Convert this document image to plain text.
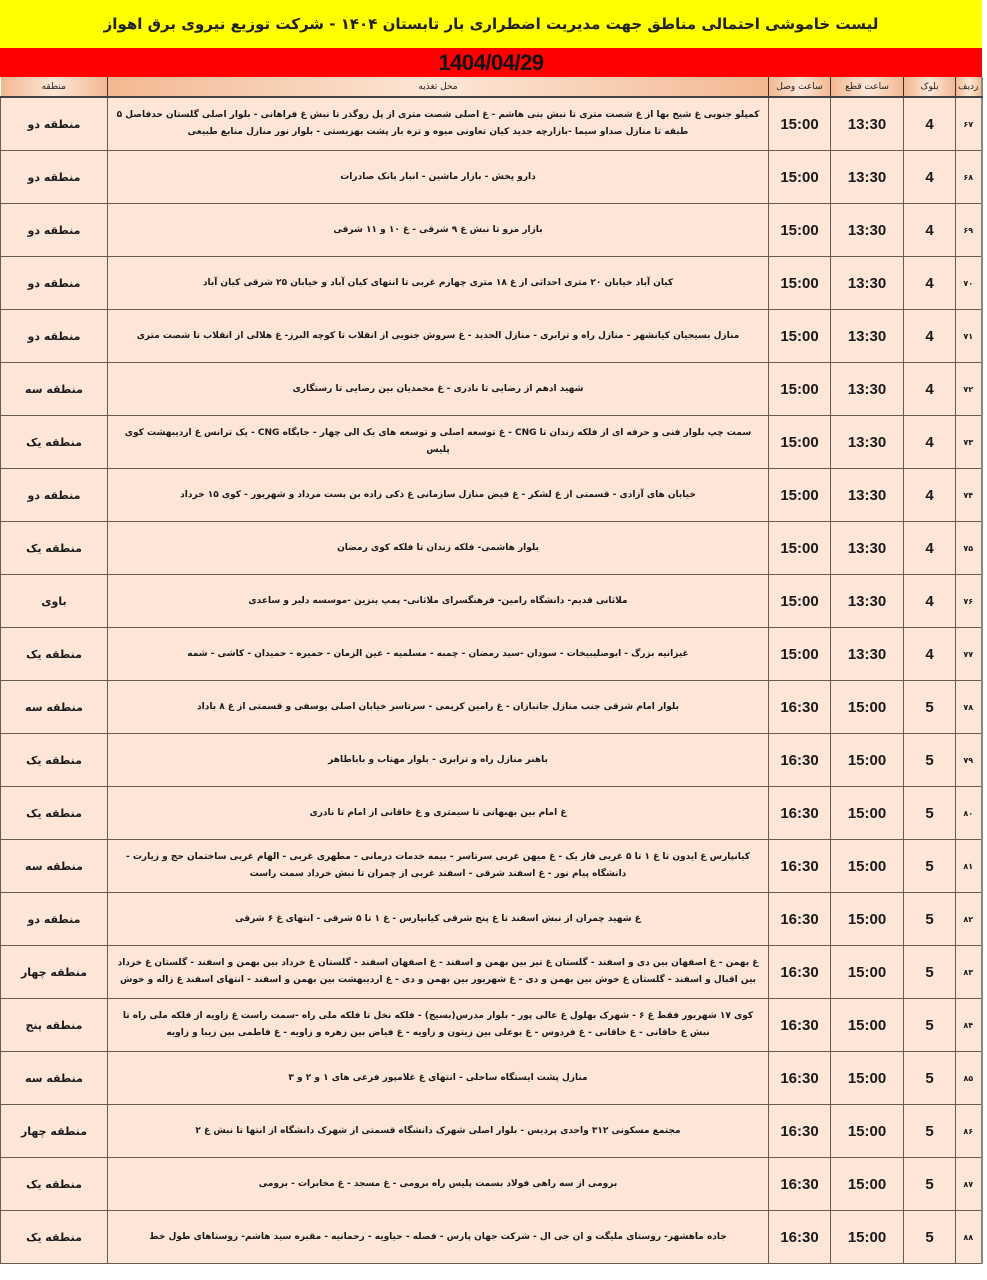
لیست خاموشی احتمالی مناطق جهت مدیریت اضطراری بار تابستان ۱۴۰۴ - شرکت توزیع نیروی برق اهواز
1404/04/29
منطقه	محل تغذیه	ساعت وصل	ساعت قطع	بلوک	ردیف
منطقه دو	کمپلو جنوبی غ شیخ بها از غ شصت متری تا نبش بنی هاشم - غ اصلی شصت متری از پل روگذر تا نبش غ فراهانی - بلوار اصلی گلستان حدفاصل ۵ طبقه تا منازل صداو سیما -بازارچه جدید کیان تعاونی میوه و تره بار پشت بهزیستی - بلوار نور منازل منابع طبیعی	15:00	13:30	4	۶۷
منطقه دو	دارو پخش - بازار ماشین - انبار بانک صادرات	15:00	13:30	4	۶۸
منطقه دو	بازار مرو تا نبش غ ۹ شرقی - غ ۱۰ و ۱۱ شرقی	15:00	13:30	4	۶۹
منطقه دو	کیان آباد خیابان ۲۰ متری احداثی از غ ۱۸ متری چهارم غربی تا انتهای کیان آباد و خیابان ۲۵ شرقی کیان آباد	15:00	13:30	4	۷۰
منطقه دو	منازل بسیجیان کیانشهر - منازل راه و ترابری - منازل الحدید - غ سروش جنوبی از انقلاب تا کوچه البرز- غ هلالی از انقلاب تا شصت متری	15:00	13:30	4	۷۱
منطقه سه	شهید ادهم از رضایی تا نادری - غ محمدیان بین رضایی تا رستگاری	15:00	13:30	4	۷۲
منطقه یک	سمت چپ بلوار فنی و حرفه ای از فلکه زندان تا CNG - غ توسعه اصلی و توسعه های یک الی چهار - جایگاه CNG - یک ترانس غ اردیبهشت کوی پلیس	15:00	13:30	4	۷۳
منطقه دو	خیابان های آزادی - قسمتی از غ لشکر - غ فیض منازل سازمانی غ ذکی زاده بن بست مرداد و شهریور - کوی ۱۵ خرداد	15:00	13:30	4	۷۴
منطقه یک	بلوار هاشمی- فلکه زندان تا فلکه کوی رمضان	15:00	13:30	4	۷۵
باوی	ملاثانی قدیم- دانشگاه رامین- فرهنگسرای ملاثانی- پمپ بنزین -موسسه دلیر و ساعدی	15:00	13:30	4	۷۶
منطقه یک	غیزانیه بزرگ - ابوصلیبیخات - سودان -سید رمضان - چمبه - مسلمیه - عین الزمان - حمیره - حمیدان - کاشی - شمه	15:00	13:30	4	۷۷
منطقه سه	بلوار امام شرقی جنب منازل جانبازان - غ رامین کریمی - سرتاسر خیابان اصلی یوسفی و قسمتی از غ ۸ باداد	16:30	15:00	5	۷۸
منطقه یک	باهنر منازل راه و ترابری - بلوار مهتاب و باباطاهر	16:30	15:00	5	۷۹
منطقه یک	غ امام بین بهبهانی تا سیمتری و غ خاقانی از امام تا نادری	16:30	15:00	5	۸۰
منطقه سه	کیانپارس غ ایدون تا غ ۱ تا ۵ غربی فاز یک - غ میهن غربی سرتاسر - بیمه خدمات درمانی - مطهری غربی - الهام غربی ساختمان حج و زیارت - دانشگاه پیام نور - غ اسفند شرقی - اسفند غربی از چمران تا نبش خرداد سمت راست	16:30	15:00	5	۸۱
منطقه دو	غ شهید چمران از نبش اسفند تا غ پنج شرقی کیانپارس - غ ۱ تا ۵ شرقی - انتهای غ ۶ شرقی	16:30	15:00	5	۸۲
منطقه چهار	غ بهمن - غ اصفهان بین دی و اسفند - گلستان غ تیر بین بهمن و اسفند - غ اصفهان اسفند - گلستان غ خرداد بین بهمن و اسفند - گلستان غ خرداد بین اقبال و اسفند - گلستان غ خوش بین بهمن و دی - غ شهریور بین بهمن و دی - غ اردیبهشت بین بهمن و اسفند - انتهای اسفند غ زاله و خوش	16:30	15:00	5	۸۳
منطقه پنج	کوی ۱۷ شهریور فقط غ ۶ - شهرک بهلول غ عالی پور - بلوار مدرس(بسیج) - فلکه نخل تا فلکه ملی راه -سمت راست غ زاویه از فلکه ملی راه تا نبش غ خاقانی - غ خاقانی - غ فردوس - غ بوعلی بین زیتون و زاویه - غ فیاض بین زهره و زاویه - غ فاطمی بین زیبا و زاویه	16:30	15:00	5	۸۴
منطقه سه	منازل پشت ایستگاه ساحلی - انتهای غ غلامپور فرعی های ۱ و ۲ و ۳	16:30	15:00	5	۸۵
منطقه چهار	مجتمع مسکونی ۳۱۲ واحدی پردیس - بلوار اصلی شهرک دانشگاه قسمتی از شهرک دانشگاه از انتها تا نبش غ ۲	16:30	15:00	5	۸۶
منطقه یک	برومی از سه راهی فولاد بسمت پلیس راه برومی - غ مسجد - غ مخابرات - برومی	16:30	15:00	5	۸۷
منطقه یک	جاده ماهشهر- روستای ملیگت و ان جی ال - شرکت جهان پارس - فصله - حیاویه - رحمانیه - مقبره سید هاشم- روستاهای طول خط	16:30	15:00	5	۸۸
